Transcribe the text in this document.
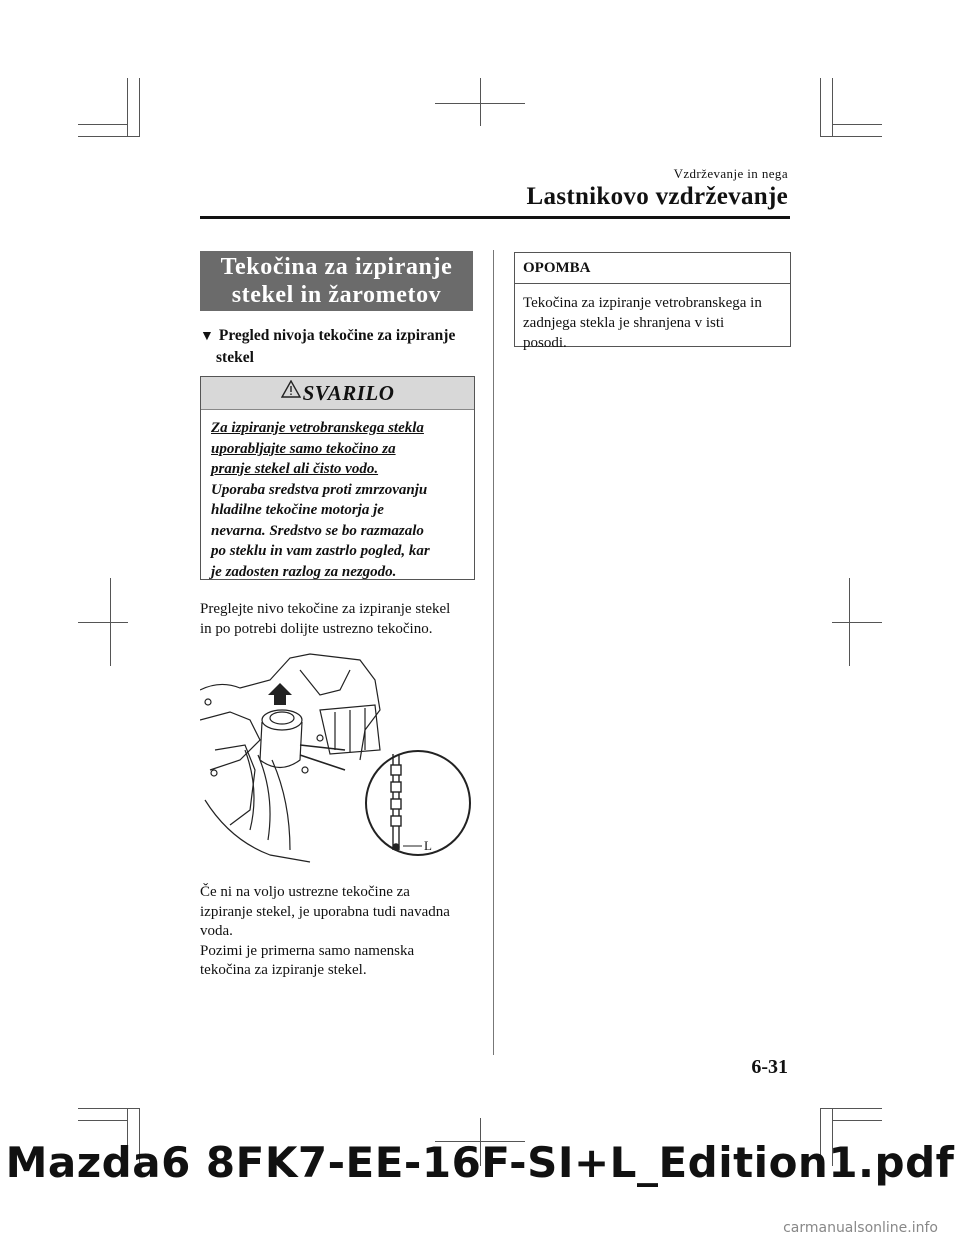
Vzdrževanje in nega
Lastnikovo vzdrževanje
Tekočina za izpiranje
stekel in žarometov
▼ Pregled nivoja tekočine za izpiranje
stekel
SVARILO
Za izpiranje vetrobranskega stekla
uporabljajte samo tekočino za
pranje stekel ali čisto vodo.
Uporaba sredstva proti zmrzovanju
hladilne tekočine motorja je
nevarna. Sredstvo se bo razmazalo
po steklu in vam zastrlo pogled, kar
je zadosten razlog za nezgodo.
Preglejte nivo tekočine za izpiranje stekel
in po potrebi dolijte ustrezno tekočino.
L
Če ni na voljo ustrezne tekočine za
izpiranje stekel, je uporabna tudi navadna
voda.
Pozimi je primerna samo namenska
tekočina za izpiranje stekel.
OPOMBA
Tekočina za izpiranje vetrobranskega in
zadnjega stekla je shranjena v isti
posodi.
6-31
Mazda6 8FK7-EE-16F-SI+L_Edition1.pdf
carmanualsonline.info
